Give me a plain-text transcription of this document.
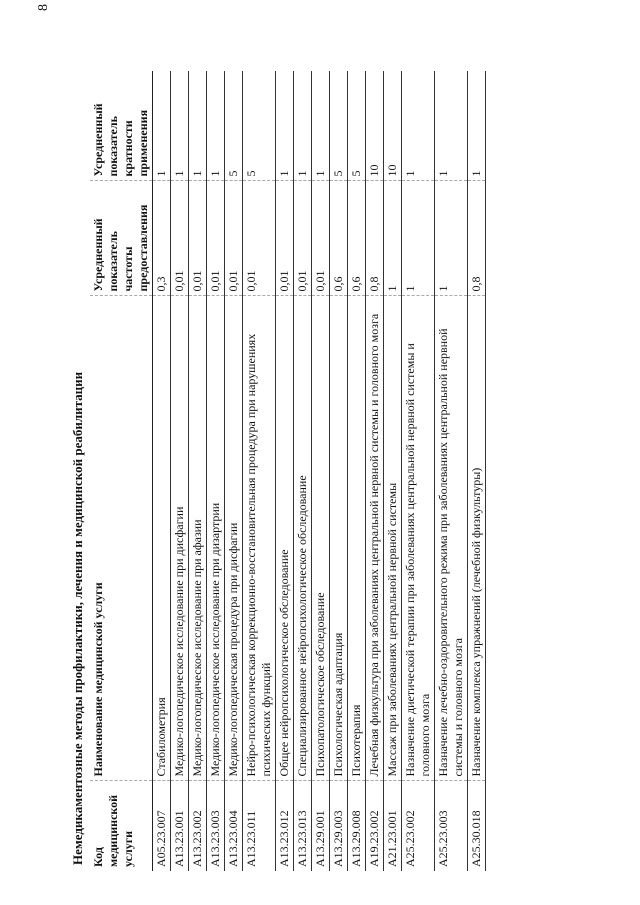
8
Немедикаментозные методы профилактики, лечения и медицинской реабилитации Код медицинской услуги	Наименование медицинской услуги	Усредненный показатель частоты предоставления	Усредненный показатель кратности применения
A05.23.007	Стабилометрия	0,3	1
A13.23.001	Медико-логопедическое исследование при дисфагии	0,01	1
A13.23.002	Медико-логопедическое исследование при афазии	0,01	1
A13.23.003	Медико-логопедическое исследование при дизартрии	0,01	1
A13.23.004	Медико-логопедическая процедура при дисфагии	0,01	5
A13.23.011	Нейро-психологическая коррекционно-восстановительная процедура при нарушениях психических функций	0,01	5
A13.23.012	Общее нейропсихологическое обследование	0,01	1
A13.23.013	Специализированное нейропсихологическое обследование	0,01	1
A13.29.001	Психопатологическое обследование	0,01	1
A13.29.003	Психологическая адаптация	0,6	5
A13.29.008	Психотерапия	0,6	5
A19.23.002	Лечебная физкультура при заболеваниях центральной нервной системы и головного мозга	0,8	10
A21.23.001	Массаж при заболеваниях центральной нервной системы	1	10
A25.23.002	Назначение диетической терапии при заболеваниях центральной нервной системы и головного мозга	1	1
A25.23.003	Назначение лечебно-оздоровительного режима при заболеваниях центральной нервной системы и головного мозга	1	1
A25.30.018	Назначение комплекса упражнений (лечебной физкультуры)	0,8	1
